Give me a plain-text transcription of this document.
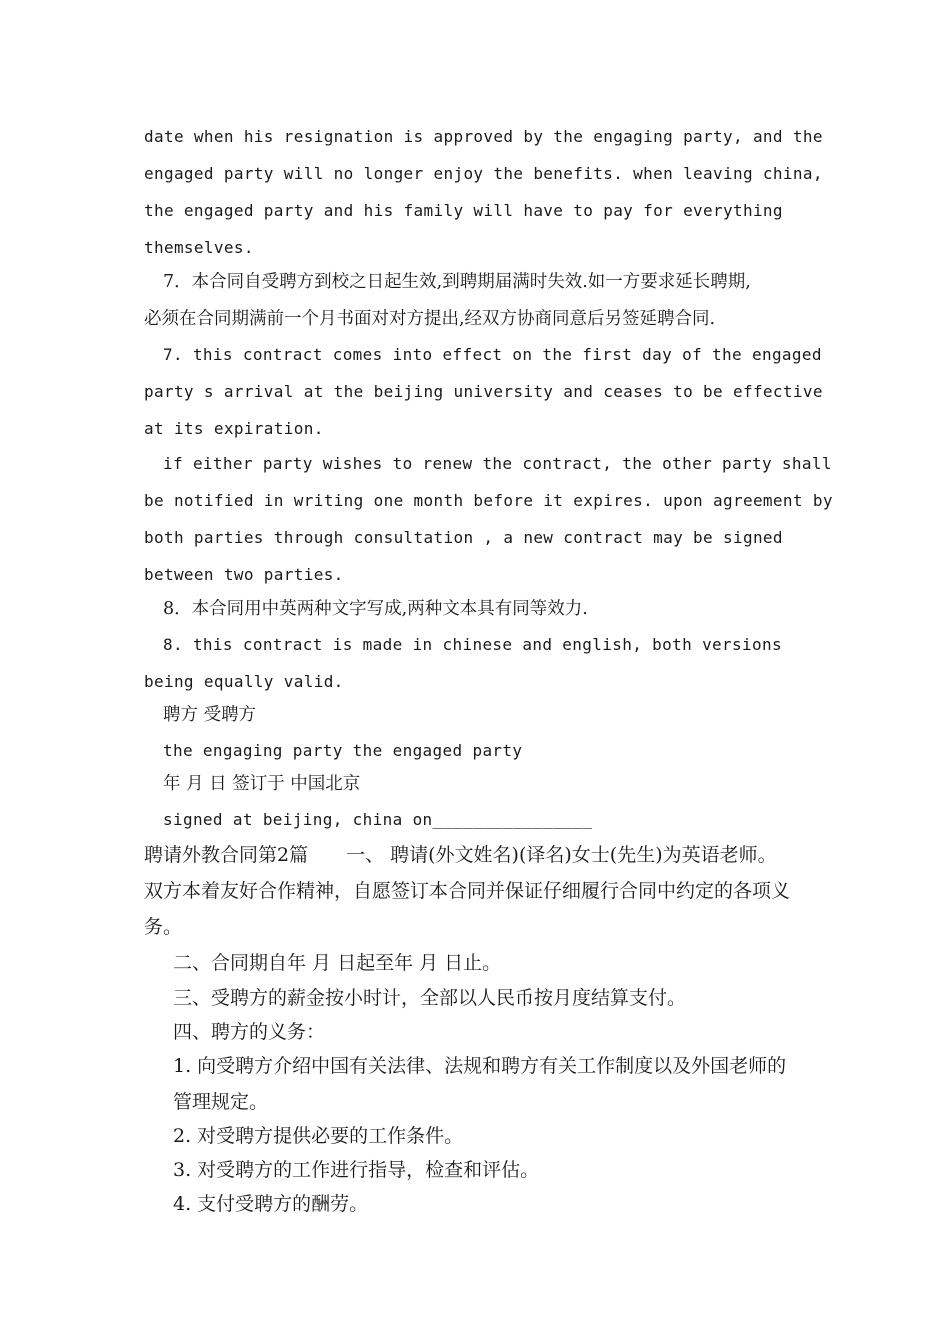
date when his resignation is approved by the engaging party, and the
engaged party will no longer enjoy the benefits. when leaving china,
the engaged party and his family will have to pay for everything
themselves.
7．本合同自受聘方到校之日起生效,到聘期届满时失效.如一方要求延长聘期,
必须在合同期满前一个月书面对对方提出,经双方协商同意后另签延聘合同.
7. this contract comes into effect on the first day of the engaged
party s arrival at the beijing university and ceases to be effective
at its expiration.
if either party wishes to renew the contract, the other party shall
be notified in writing one month before it expires. upon agreement by
both parties through consultation , a new contract may be signed
between two parties.
8．本合同用中英两种文字写成,两种文本具有同等效力.
8. this contract is made in chinese and english, both versions
being equally valid.
聘方 受聘方
the engaging party the engaged party
年 月 日 签订于 中国北京
signed at beijing, china on________________
聘请外教合同第2篇　　一、 聘请(外文姓名)(译名)女士(先生)为英语老师。
双方本着友好合作精神，自愿签订本合同并保证仔细履行合同中约定的各项义
务。
二、合同期自年 月 日起至年 月 日止。
三、受聘方的薪金按小时计，全部以人民币按月度结算支付。
四、聘方的义务：
1. 向受聘方介绍中国有关法律、法规和聘方有关工作制度以及外国老师的
管理规定。
2. 对受聘方提供必要的工作条件。
3. 对受聘方的工作进行指导，检查和评估。
4. 支付受聘方的酬劳。
